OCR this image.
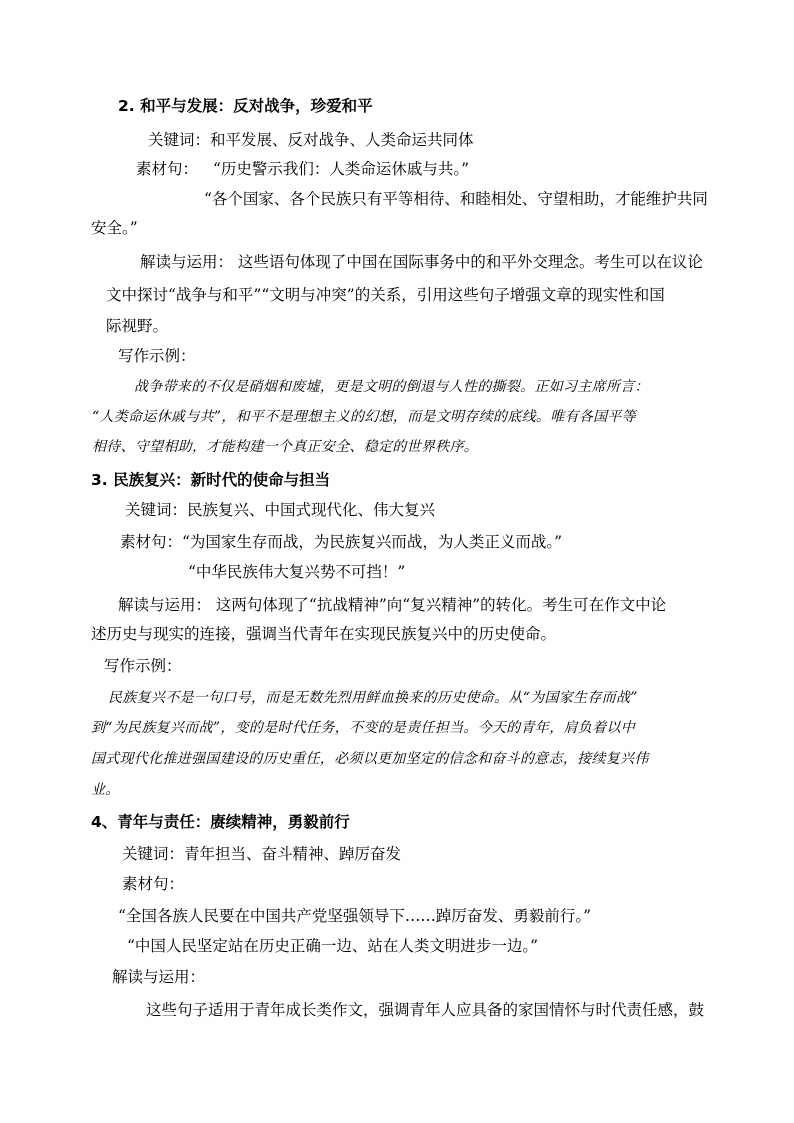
2. 和平与发展：反对战争，珍爱和平
关键词：和平发展、反对战争、人类命运共同体
素材句： “历史警示我们：人类命运休戚与共。”
“各个国家、各个民族只有平等相待、和睦相处、守望相助，才能维护共同
安全。”
解读与运用： 这些语句体现了中国在国际事务中的和平外交理念。考生可以在议论
文中探讨“战争与和平”“文明与冲突”的关系，引用这些句子增强文章的现实性和国
际视野。
写作示例：
战争带来的不仅是硝烟和废墟，更是文明的倒退与人性的撕裂。正如习主席所言：
“人类命运休戚与共”，和平不是理想主义的幻想，而是文明存续的底线。唯有各国平等
相待、守望相助，才能构建一个真正安全、稳定的世界秩序。
3. 民族复兴：新时代的使命与担当
关键词：民族复兴、中国式现代化、伟大复兴
素材句：“为国家生存而战，为民族复兴而战，为人类正义而战。”
“中华民族伟大复兴势不可挡！”
解读与运用： 这两句体现了“抗战精神”向“复兴精神”的转化。考生可在作文中论
述历史与现实的连接，强调当代青年在实现民族复兴中的历史使命。
写作示例：
民族复兴不是一句口号，而是无数先烈用鲜血换来的历史使命。从“为国家生存而战”
到“为民族复兴而战”，变的是时代任务，不变的是责任担当。今天的青年，肩负着以中
国式现代化推进强国建设的历史重任，必须以更加坚定的信念和奋斗的意志，接续复兴伟
业。
4、青年与责任：赓续精神，勇毅前行
关键词：青年担当、奋斗精神、踔厉奋发
素材句：
“全国各族人民要在中国共产党坚强领导下……踔厉奋发、勇毅前行。”
“中国人民坚定站在历史正确一边、站在人类文明进步一边。”
解读与运用：
这些句子适用于青年成长类作文，强调青年人应具备的家国情怀与时代责任感，鼓
